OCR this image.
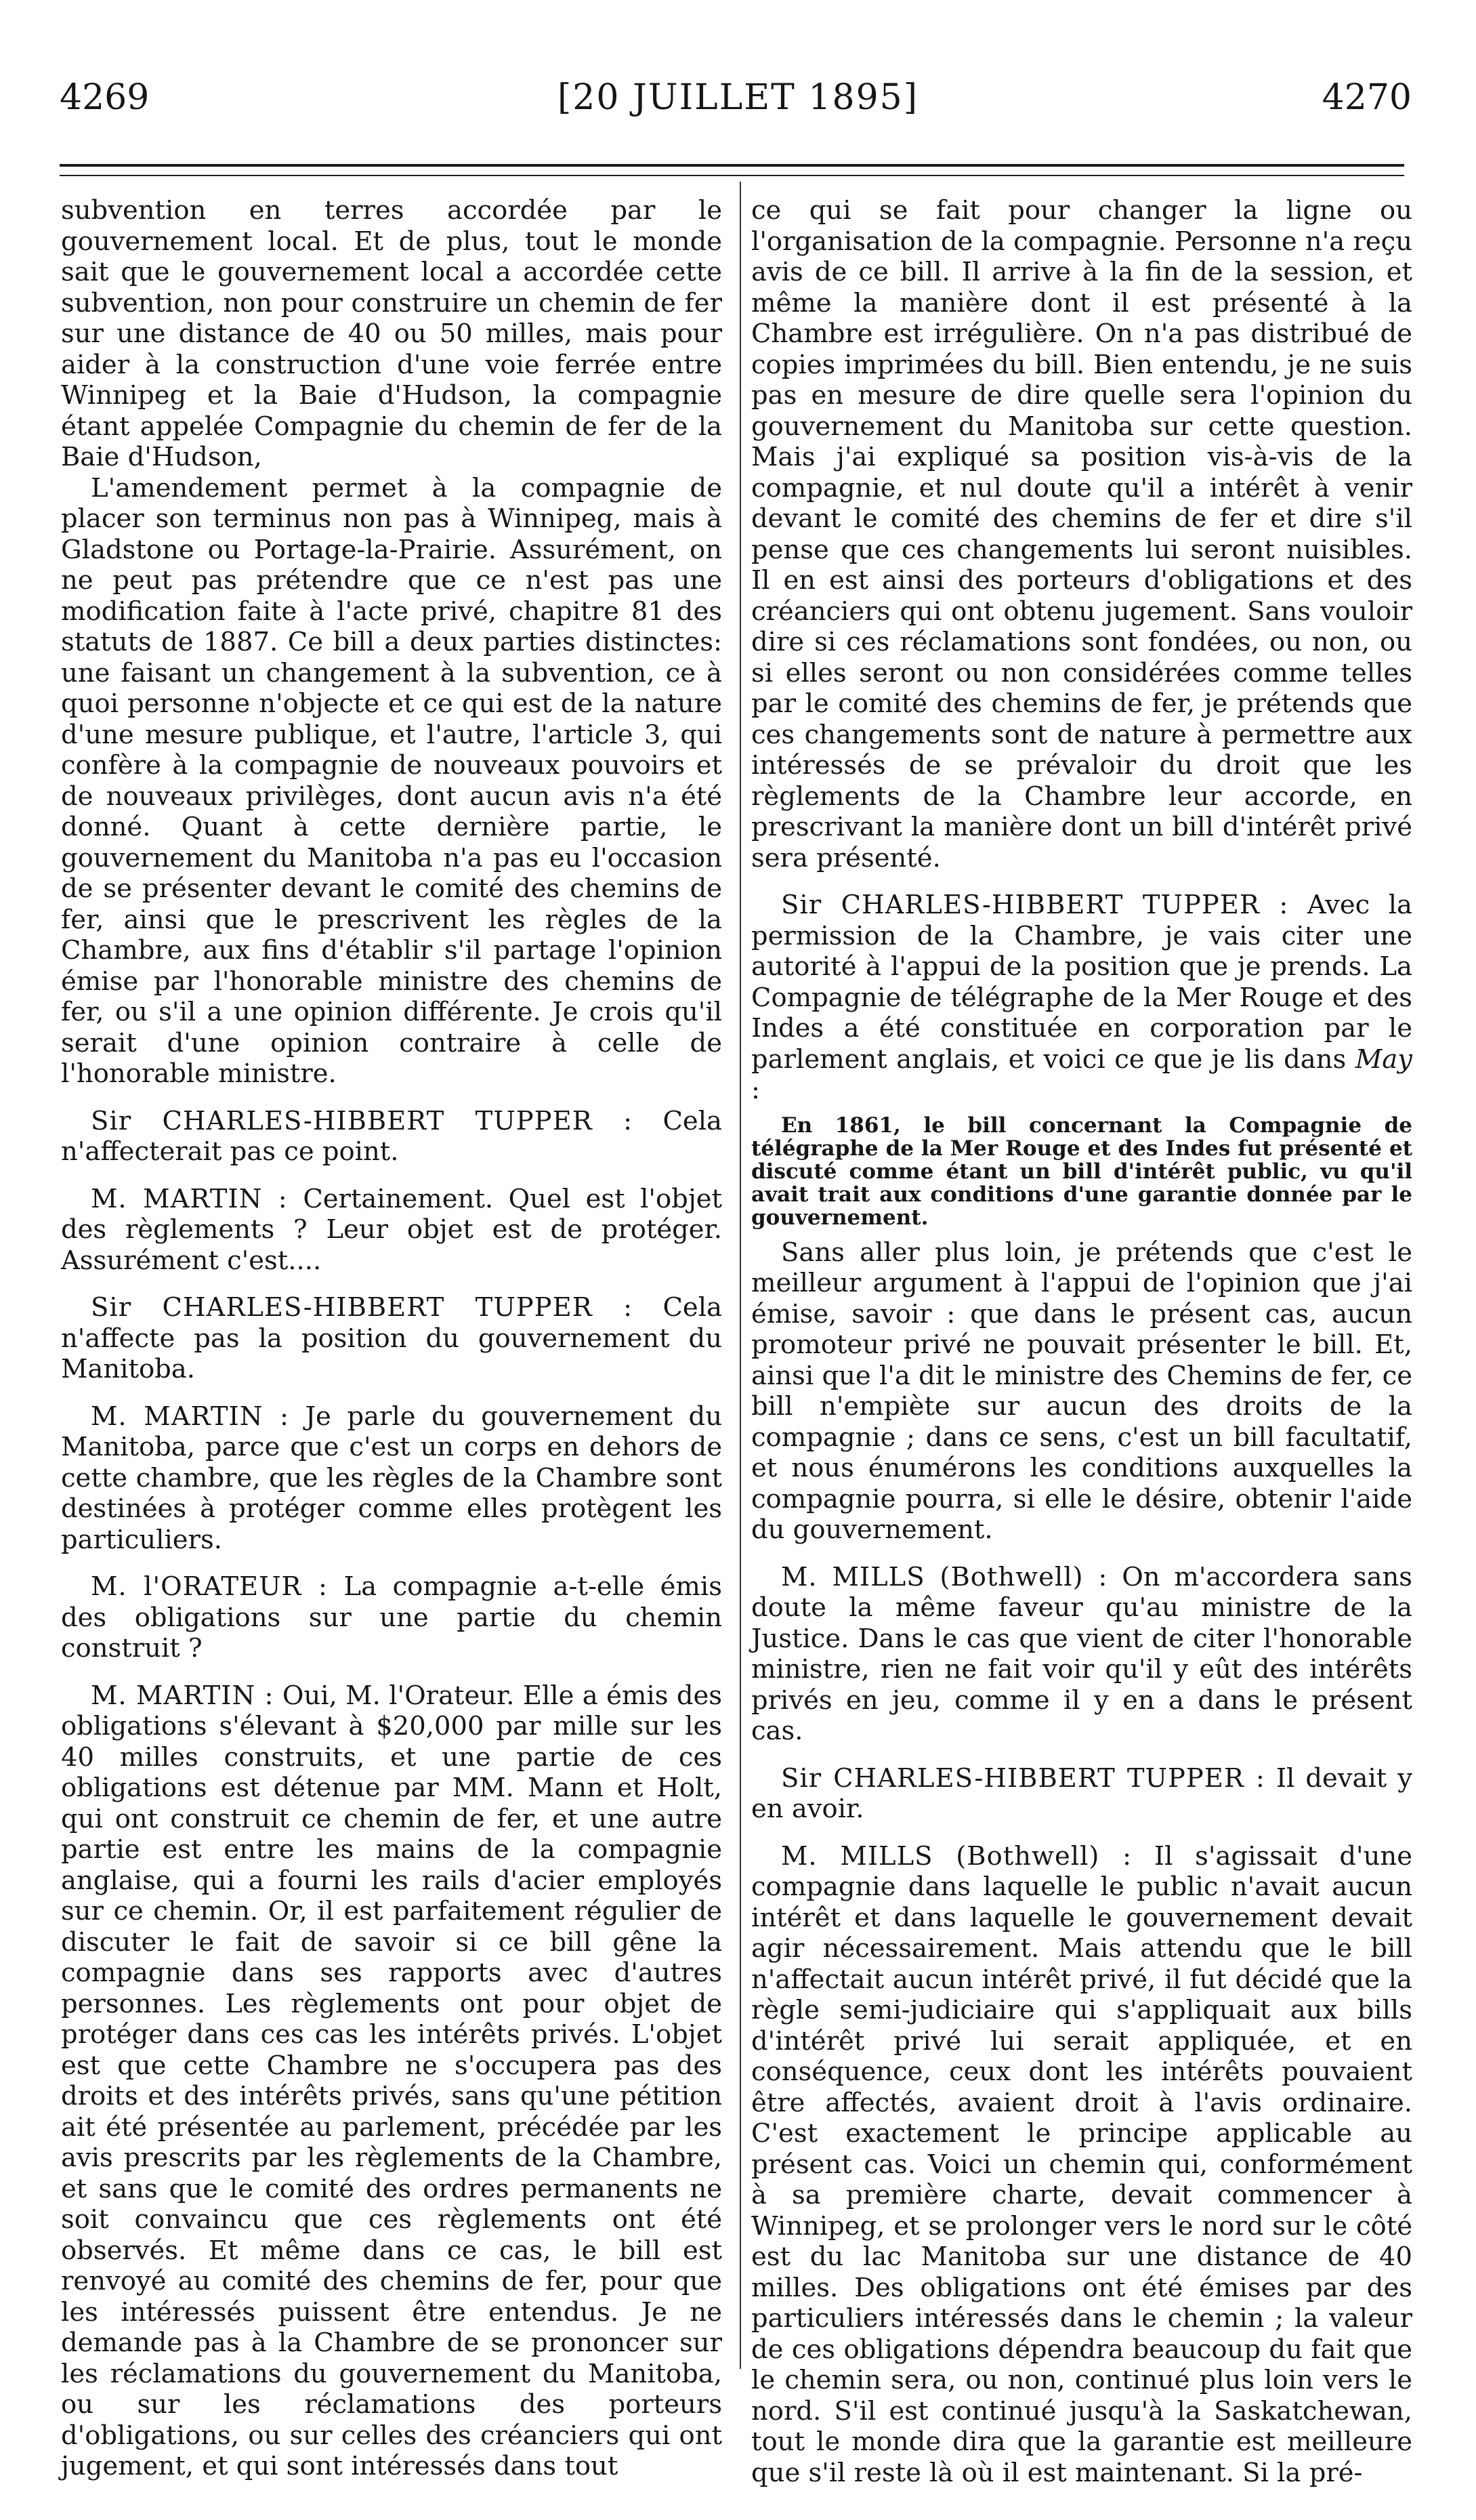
4269	[20 JUILLET 1895]	4270

subvention en terres accordée par le gouvernement local. Et de plus, tout le monde sait que le gouvernement local a accordée cette subvention, non pour construire un chemin de fer sur une distance de 40 ou 50 milles, mais pour aider à la construction d'une voie ferrée entre Winnipeg et la Baie d'Hudson, la compagnie étant appelée Compagnie du chemin de fer de la Baie d'Hudson,

L'amendement permet à la compagnie de placer son terminus non pas à Winnipeg, mais à Gladstone ou Portage-la-Prairie. Assurément, on ne peut pas prétendre que ce n'est pas une modification faite à l'acte privé, chapitre 81 des statuts de 1887. Ce bill a deux parties distinctes: une faisant un changement à la subvention, ce à quoi personne n'objecte et ce qui est de la nature d'une mesure publique, et l'autre, l'article 3, qui confère à la compagnie de nouveaux pouvoirs et de nouveaux privilèges, dont aucun avis n'a été donné. Quant à cette dernière partie, le gouvernement du Manitoba n'a pas eu l'occasion de se présenter devant le comité des chemins de fer, ainsi que le prescrivent les règles de la Chambre, aux fins d'établir s'il partage l'opinion émise par l'honorable ministre des chemins de fer, ou s'il a une opinion différente. Je crois qu'il serait d'une opinion contraire à celle de l'honorable ministre.

Sir CHARLES-HIBBERT TUPPER : Cela n'affecterait pas ce point.

M. MARTIN : Certainement. Quel est l'objet des règlements ? Leur objet est de protéger. Assurément c'est....

Sir CHARLES-HIBBERT TUPPER : Cela n'affecte pas la position du gouvernement du Manitoba.

M. MARTIN : Je parle du gouvernement du Manitoba, parce que c'est un corps en dehors de cette chambre, que les règles de la Chambre sont destinées à protéger comme elles protègent les particuliers.

M. l'ORATEUR : La compagnie a-t-elle émis des obligations sur une partie du chemin construit ?

M. MARTIN : Oui, M. l'Orateur. Elle a émis des obligations s'élevant à $20,000 par mille sur les 40 milles construits, et une partie de ces obligations est détenue par MM. Mann et Holt, qui ont construit ce chemin de fer, et une autre partie est entre les mains de la compagnie anglaise, qui a fourni les rails d'acier employés sur ce chemin. Or, il est parfaitement régulier de discuter le fait de savoir si ce bill gêne la compagnie dans ses rapports avec d'autres personnes. Les règlements ont pour objet de protéger dans ces cas les intérêts privés. L'objet est que cette Chambre ne s'occupera pas des droits et des intérêts privés, sans qu'une pétition ait été présentée au parlement, précédée par les avis prescrits par les règlements de la Chambre, et sans que le comité des ordres permanents ne soit convaincu que ces règlements ont été observés. Et même dans ce cas, le bill est renvoyé au comité des chemins de fer, pour que les intéressés puissent être entendus. Je ne demande pas à la Chambre de se prononcer sur les réclamations du gouvernement du Manitoba, ou sur les réclamations des porteurs d'obligations, ou sur celles des créanciers qui ont jugement, et qui sont intéressés dans tout

ce qui se fait pour changer la ligne ou l'organisation de la compagnie. Personne n'a reçu avis de ce bill. Il arrive à la fin de la session, et même la manière dont il est présenté à la Chambre est irrégulière. On n'a pas distribué de copies imprimées du bill. Bien entendu, je ne suis pas en mesure de dire quelle sera l'opinion du gouvernement du Manitoba sur cette question. Mais j'ai expliqué sa position vis-à-vis de la compagnie, et nul doute qu'il a intérêt à venir devant le comité des chemins de fer et dire s'il pense que ces changements lui seront nuisibles. Il en est ainsi des porteurs d'obligations et des créanciers qui ont obtenu jugement. Sans vouloir dire si ces réclamations sont fondées, ou non, ou si elles seront ou non considérées comme telles par le comité des chemins de fer, je prétends que ces changements sont de nature à permettre aux intéressés de se prévaloir du droit que les règlements de la Chambre leur accorde, en prescrivant la manière dont un bill d'intérêt privé sera présenté.

Sir CHARLES-HIBBERT TUPPER : Avec la permission de la Chambre, je vais citer une autorité à l'appui de la position que je prends. La Compagnie de télégraphe de la Mer Rouge et des Indes a été constituée en corporation par le parlement anglais, et voici ce que je lis dans May :

En 1861, le bill concernant la Compagnie de télégraphe de la Mer Rouge et des Indes fut présenté et discuté comme étant un bill d'intérêt public, vu qu'il avait trait aux conditions d'une garantie donnée par le gouvernement.

Sans aller plus loin, je prétends que c'est le meilleur argument à l'appui de l'opinion que j'ai émise, savoir : que dans le présent cas, aucun promoteur privé ne pouvait présenter le bill. Et, ainsi que l'a dit le ministre des Chemins de fer, ce bill n'empiète sur aucun des droits de la compagnie ; dans ce sens, c'est un bill facultatif, et nous énumérons les conditions auxquelles la compagnie pourra, si elle le désire, obtenir l'aide du gouvernement.

M. MILLS (Bothwell) : On m'accordera sans doute la même faveur qu'au ministre de la Justice. Dans le cas que vient de citer l'honorable ministre, rien ne fait voir qu'il y eût des intérêts privés en jeu, comme il y en a dans le présent cas.

Sir CHARLES-HIBBERT TUPPER : Il devait y en avoir.

M. MILLS (Bothwell) : Il s'agissait d'une compagnie dans laquelle le public n'avait aucun intérêt et dans laquelle le gouvernement devait agir nécessairement. Mais attendu que le bill n'affectait aucun intérêt privé, il fut décidé que la règle semi-judiciaire qui s'appliquait aux bills d'intérêt privé lui serait appliquée, et en conséquence, ceux dont les intérêts pouvaient être affectés, avaient droit à l'avis ordinaire. C'est exactement le principe applicable au présent cas. Voici un chemin qui, conformément à sa première charte, devait commencer à Winnipeg, et se prolonger vers le nord sur le côté est du lac Manitoba sur une distance de 40 milles. Des obligations ont été émises par des particuliers intéressés dans le chemin ; la valeur de ces obligations dépendra beaucoup du fait que le chemin sera, ou non, continué plus loin vers le nord. S'il est continué jusqu'à la Saskatchewan, tout le monde dira que la garantie est meilleure que s'il reste là où il est maintenant. Si la pré-
